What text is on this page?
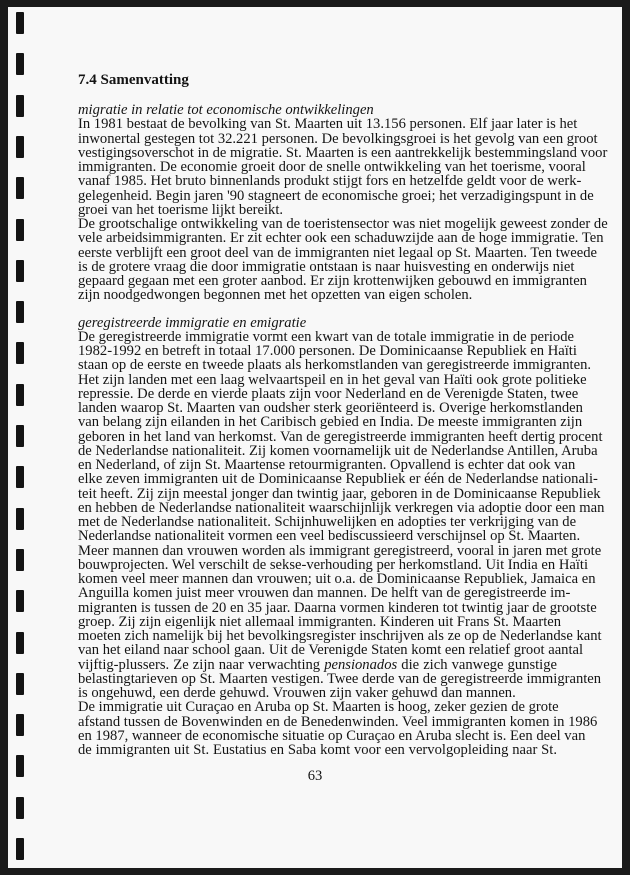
7.4 Samenvatting

migratie in relatie tot economische ontwikkelingen

In 1981 bestaat de bevolking van St. Maarten uit 13.156 personen. Elf jaar later is het
inwonertal gestegen tot 32.221 personen. De bevolkingsgroei is het gevolg van een groot
vestigingsoverschot in de migratie. St. Maarten is een aantrekkelijk bestemmingsland voor
immigranten. De economie groeit door de snelle ontwikkeling van het toerisme, vooral
vanaf 1985. Het bruto binnenlands produkt stijgt fors en hetzelfde geldt voor de werk-
gelegenheid. Begin jaren '90 stagneert de economische groei; het verzadigingspunt in de
groei van het toerisme lijkt bereikt.
De grootschalige ontwikkeling van de toeristensector was niet mogelijk geweest zonder de
vele arbeidsimmigranten. Er zit echter ook een schaduwzijde aan de hoge immigratie. Ten
eerste verblijft een groot deel van de immigranten niet legaal op St. Maarten. Ten tweede
is de grotere vraag die door immigratie ontstaan is naar huisvesting en onderwijs niet
gepaard gegaan met een groter aanbod. Er zijn krottenwijken gebouwd en immigranten
zijn noodgedwongen begonnen met het opzetten van eigen scholen.

geregistreerde immigratie en emigratie

De geregistreerde immigratie vormt een kwart van de totale immigratie in de periode
1982-1992 en betreft in totaal 17.000 personen. De Dominicaanse Republiek en Haïti
staan op de eerste en tweede plaats als herkomstlanden van geregistreerde immigranten.
Het zijn landen met een laag welvaartspeil en in het geval van Haïti ook grote politieke
repressie. De derde en vierde plaats zijn voor Nederland en de Verenigde Staten, twee
landen waarop St. Maarten van oudsher sterk georiënteerd is. Overige herkomstlanden
van belang zijn eilanden in het Caribisch gebied en India. De meeste immigranten zijn
geboren in het land van herkomst. Van de geregistreerde immigranten heeft dertig procent
de Nederlandse nationaliteit. Zij komen voornamelijk uit de Nederlandse Antillen, Aruba
en Nederland, of zijn St. Maartense retourmigranten. Opvallend is echter dat ook van
elke zeven immigranten uit de Dominicaanse Republiek er één de Nederlandse nationali-
teit heeft. Zij zijn meestal jonger dan twintig jaar, geboren in de Dominicaanse Republiek
en hebben de Nederlandse nationaliteit waarschijnlijk verkregen via adoptie door een man
met de Nederlandse nationaliteit. Schijnhuwelijken en adopties ter verkrijging van de
Nederlandse nationaliteit vormen een veel bediscussieerd verschijnsel op St. Maarten.
Meer mannen dan vrouwen worden als immigrant geregistreerd, vooral in jaren met grote
bouwprojecten. Wel verschilt de sekse-verhouding per herkomstland. Uit India en Haïti
komen veel meer mannen dan vrouwen; uit o.a. de Dominicaanse Republiek, Jamaica en
Anguilla komen juist meer vrouwen dan mannen. De helft van de geregistreerde im-
migranten is tussen de 20 en 35 jaar. Daarna vormen kinderen tot twintig jaar de grootste
groep. Zij zijn eigenlijk niet allemaal immigranten. Kinderen uit Frans St. Maarten
moeten zich namelijk bij het bevolkingsregister inschrijven als ze op de Nederlandse kant
van het eiland naar school gaan. Uit de Verenigde Staten komt een relatief groot aantal
vijftig-plussers. Ze zijn naar verwachting pensionados die zich vanwege gunstige
belastingtarieven op St. Maarten vestigen. Twee derde van de geregistreerde immigranten
is ongehuwd, een derde gehuwd. Vrouwen zijn vaker gehuwd dan mannen.
De immigratie uit Curaçao en Aruba op St. Maarten is hoog, zeker gezien de grote
afstand tussen de Bovenwinden en de Benedenwinden. Veel immigranten komen in 1986
en 1987, wanneer de economische situatie op Curaçao en Aruba slecht is. Een deel van
de immigranten uit St. Eustatius en Saba komt voor een vervolgopleiding naar St.
63
